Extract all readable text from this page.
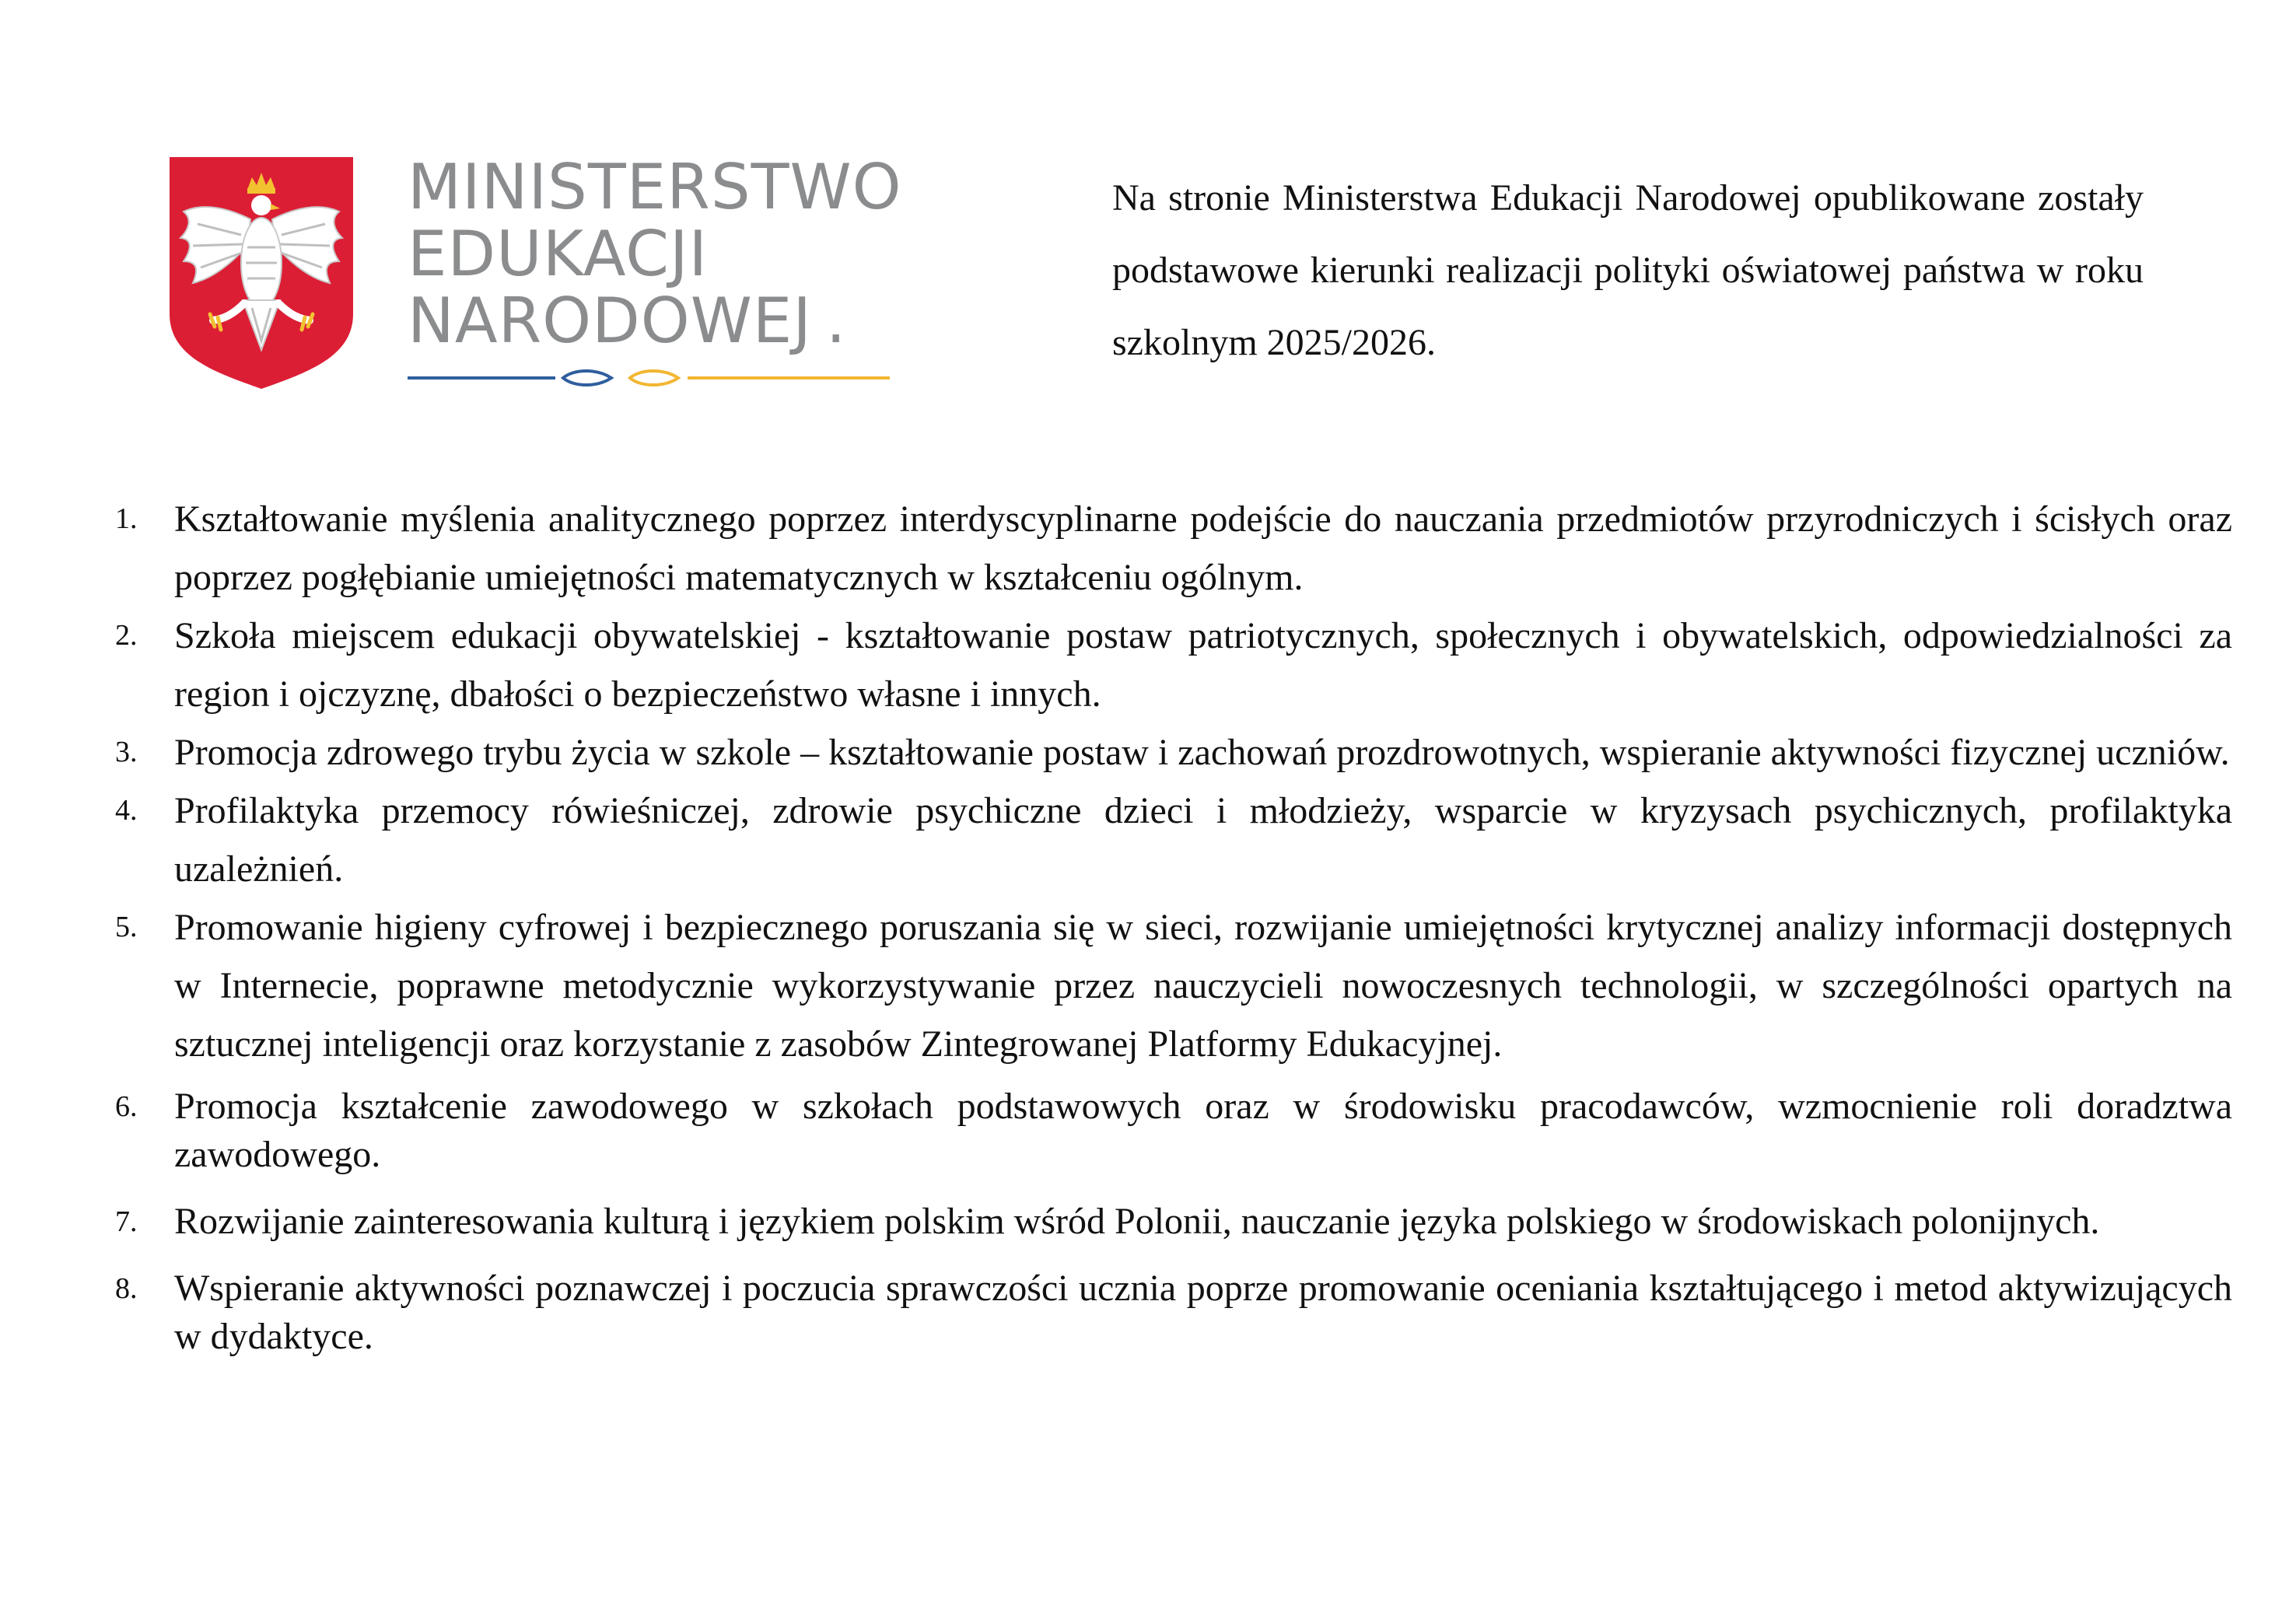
MINISTERSTWO
EDUKACJI
NARODOWEJ .

Na stronie Ministerstwa Edukacji Narodowej opublikowane zostały podstawowe kierunki realizacji polityki oświatowej państwa w roku szkolnym 2025/2026.

1. Kształtowanie myślenia analitycznego poprzez interdyscyplinarne podejście do nauczania przedmiotów przyrodniczych i ścisłych oraz poprzez pogłębianie umiejętności matematycznych w kształceniu ogólnym.
2. Szkoła miejscem edukacji obywatelskiej - kształtowanie postaw patriotycznych, społecznych i obywatelskich, odpowiedzialności za region i ojczyznę, dbałości o bezpieczeństwo własne i innych.
3. Promocja zdrowego trybu życia w szkole – kształtowanie postaw i zachowań prozdrowotnych, wspieranie aktywności fizycznej uczniów.
4. Profilaktyka przemocy rówieśniczej, zdrowie psychiczne dzieci i młodzieży, wsparcie w kryzysach psychicznych, profilaktyka uzależnień.
5. Promowanie higieny cyfrowej i bezpiecznego poruszania się w sieci, rozwijanie umiejętności krytycznej analizy informacji dostępnych w Internecie, poprawne metodycznie wykorzystywanie przez nauczycieli nowoczesnych technologii, w szczególności opartych na sztucznej inteligencji oraz korzystanie z zasobów Zintegrowanej Platformy Edukacyjnej.
6. Promocja kształcenie zawodowego w szkołach podstawowych oraz w środowisku pracodawców, wzmocnienie roli doradztwa zawodowego.
7. Rozwijanie zainteresowania kulturą i językiem polskim wśród Polonii, nauczanie języka polskiego w środowiskach polonijnych.
8. Wspieranie aktywności poznawczej i poczucia sprawczości ucznia poprze promowanie oceniania kształtującego i metod aktywizujących w dydaktyce.
